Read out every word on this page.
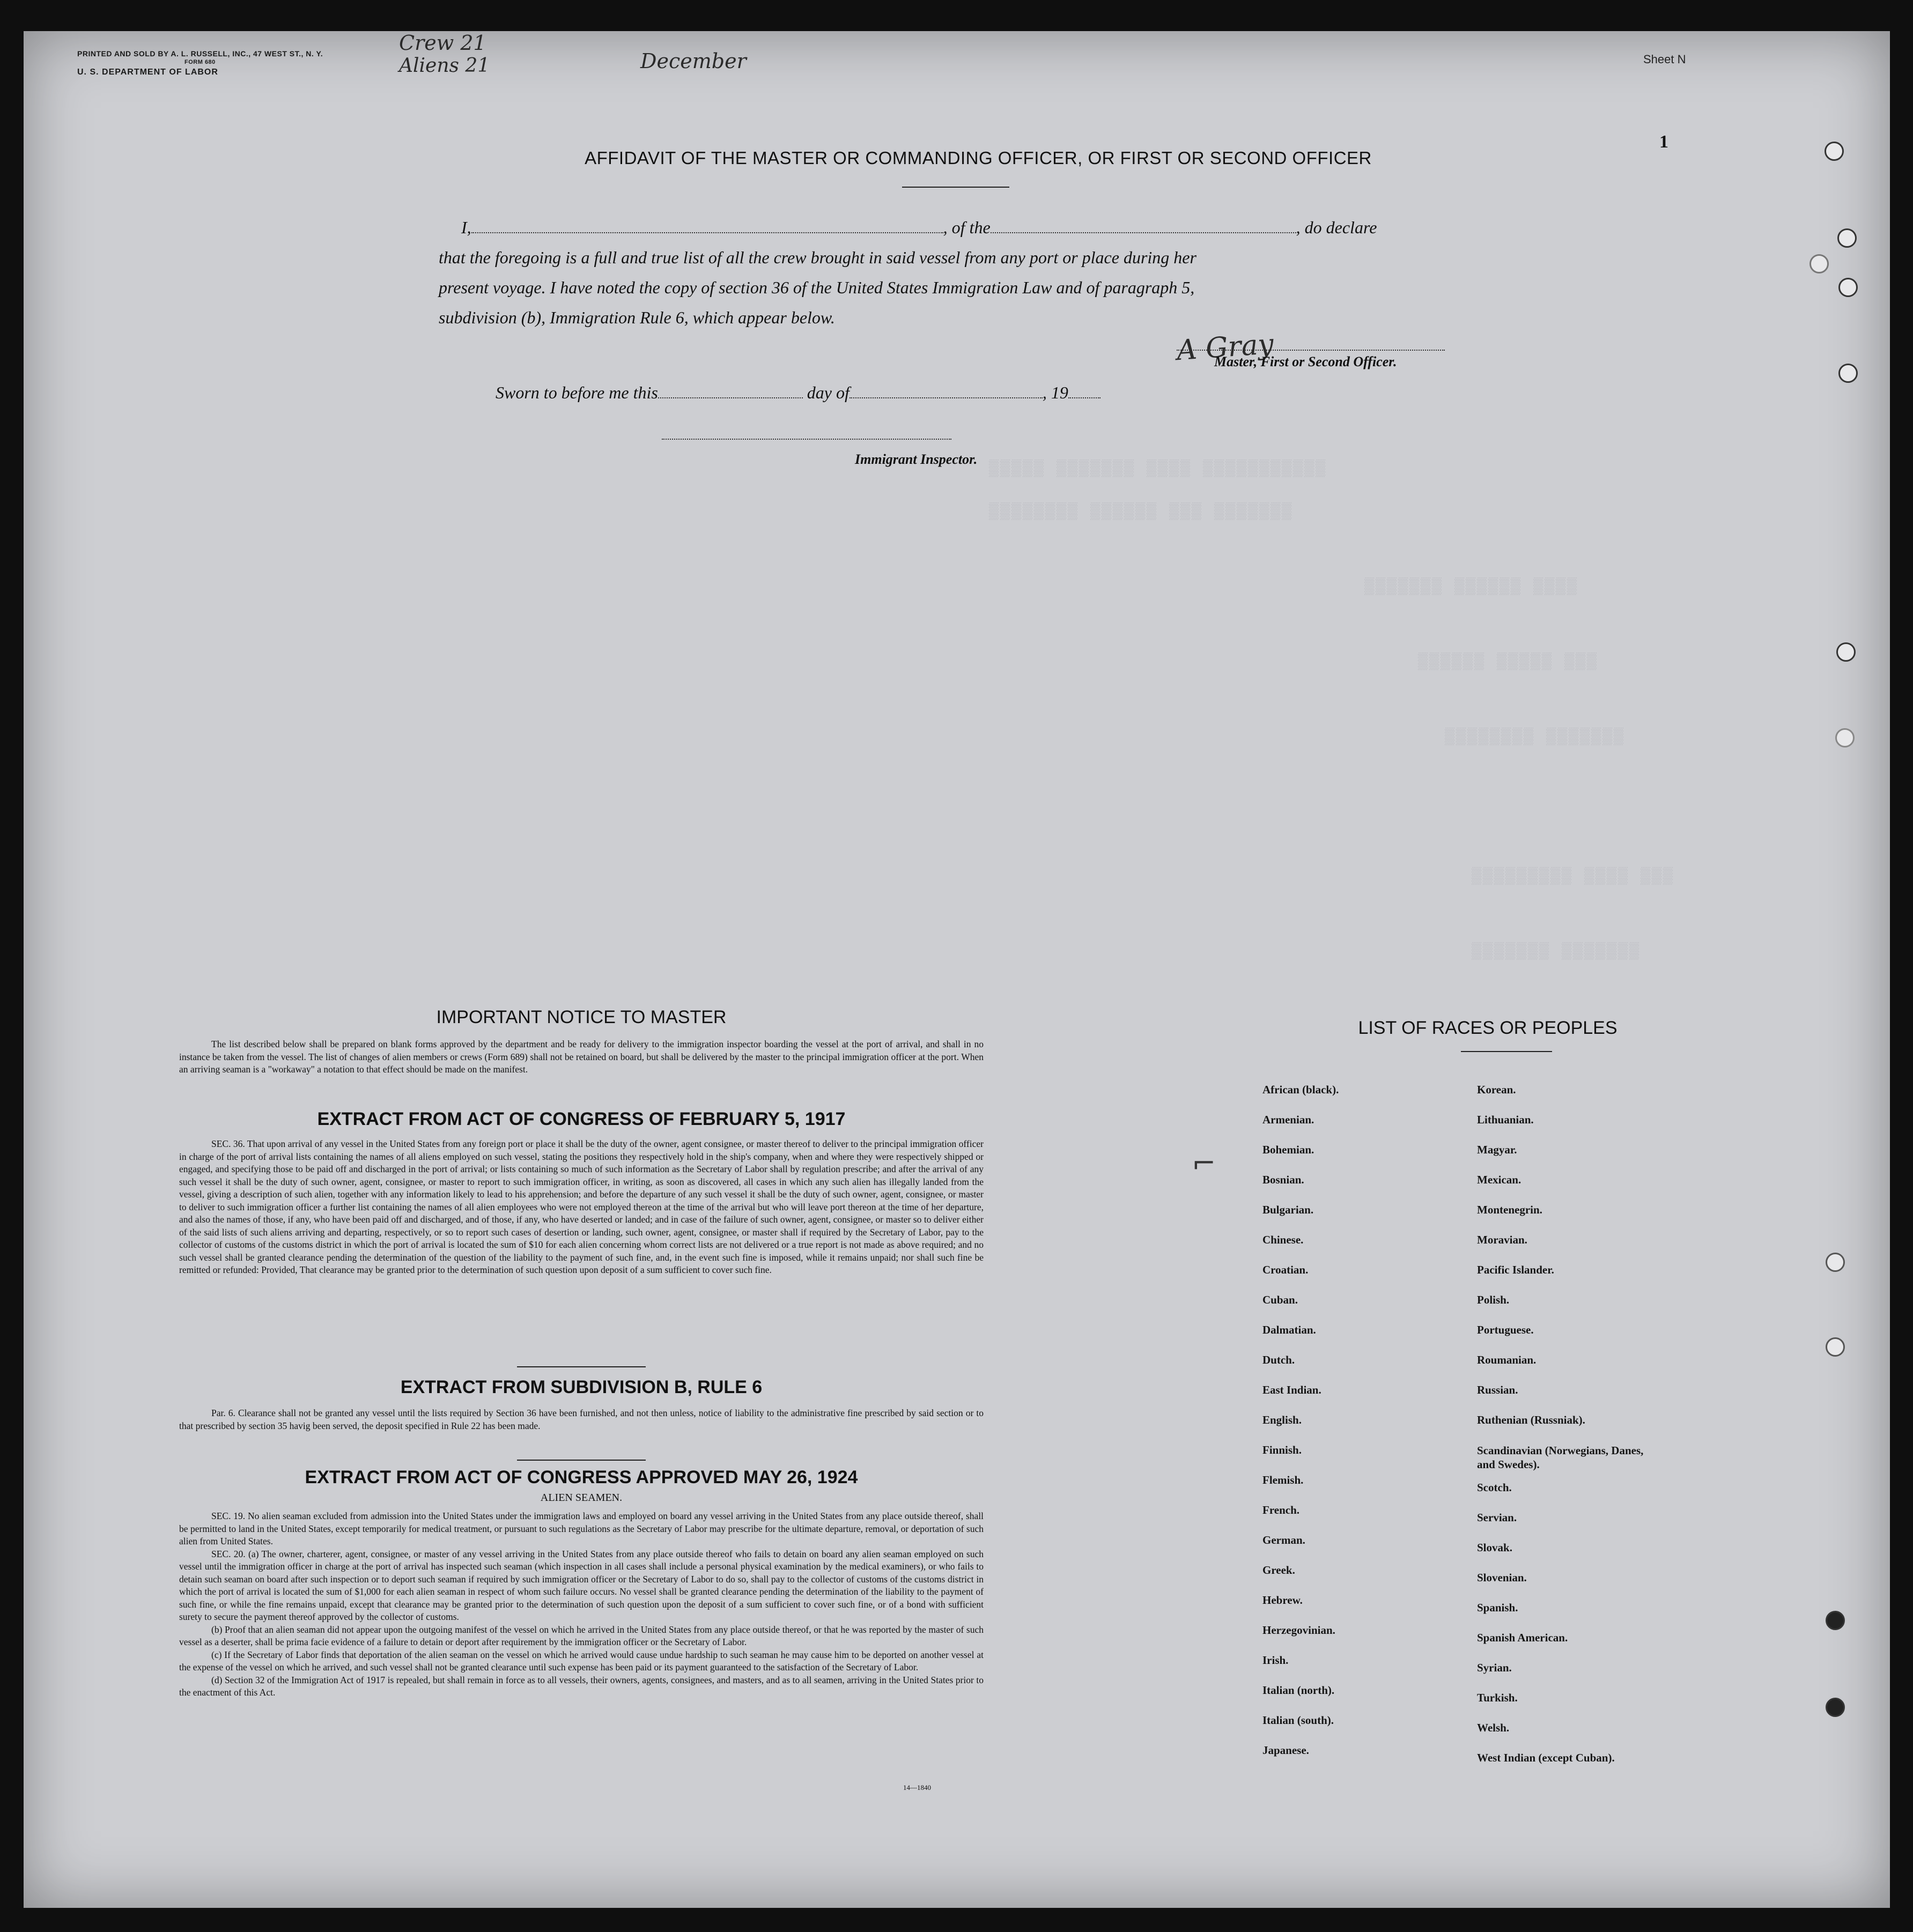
PRINTED AND SOLD BY A. L. RUSSELL, INC., 47 WEST ST., N. Y.
FORM 680
U. S. DEPARTMENT OF LABOR
Crew 21
Aliens 21	December	Sheet N
1
▒▒▒▒▒ ▒▒▒▒▒▒▒ ▒▒▒▒ ▒▒▒▒▒▒▒▒▒▒▒
▒▒▒▒▒▒▒▒ ▒▒▒▒▒▒ ▒▒▒ ▒▒▒▒▒▒▒
▒▒▒▒▒▒▒ ▒▒▒▒▒▒ ▒▒▒▒
▒▒▒▒▒▒ ▒▒▒▒▒ ▒▒▒
▒▒▒▒▒▒▒▒ ▒▒▒▒▒▒▒
▒▒▒▒▒▒▒▒▒ ▒▒▒▒ ▒▒▒
▒▒▒▒▒▒▒ ▒▒▒▒▒▒▒
AFFIDAVIT OF THE MASTER OR COMMANDING OFFICER, OR FIRST OR SECOND OFFICER
I,	, of the	, do declare
that the foregoing is a full and true list of all the crew brought in said vessel from any port or place during her
present voyage. I have noted the copy of section 36 of the United States Immigration Law and of paragraph 5,
subdivision (b), Immigration Rule 6, which appear below.
A Gray
Master, First or Second Officer.
Sworn to before me this	day of	, 19
Immigrant Inspector.
IMPORTANT NOTICE TO MASTER
The list described below shall be prepared on blank forms approved by the department and be ready for delivery to the immigration inspector boarding the vessel at the port of arrival, and shall in no instance be taken from the vessel. The list of changes of alien members or crews (Form 689) shall not be retained on board, but shall be delivered by the master to the principal immigration officer at the port. When an arriving seaman is a "workaway" a notation to that effect should be made on the manifest.
EXTRACT FROM ACT OF CONGRESS OF FEBRUARY 5, 1917
SEC. 36. That upon arrival of any vessel in the United States from any foreign port or place it shall be the duty of the owner, agent consignee, or master thereof to deliver to the principal immigration officer in charge of the port of arrival lists containing the names of all aliens employed on such vessel, stating the positions they respectively hold in the ship's company, when and where they were respectively shipped or engaged, and specifying those to be paid off and discharged in the port of arrival; or lists containing so much of such information as the Secretary of Labor shall by regulation prescribe; and after the arrival of any such vessel it shall be the duty of such owner, agent, consignee, or master to report to such immigration officer, in writing, as soon as discovered, all cases in which any such alien has illegally landed from the vessel, giving a description of such alien, together with any information likely to lead to his apprehension; and before the departure of any such vessel it shall be the duty of such owner, agent, consignee, or master to deliver to such immigration officer a further list containing the names of all alien employees who were not employed thereon at the time of the arrival but who will leave port thereon at the time of her departure, and also the names of those, if any, who have been paid off and discharged, and of those, if any, who have deserted or landed; and in case of the failure of such owner, agent, consignee, or master so to deliver either of the said lists of such aliens arriving and departing, respectively, or so to report such cases of desertion or landing, such owner, agent, consignee, or master shall if required by the Secretary of Labor, pay to the collector of customs of the customs district in which the port of arrival is located the sum of $10 for each alien concerning whom correct lists are not delivered or a true report is not made as above required; and no such vessel shall be granted clearance pending the determination of the question of the liability to the payment of such fine, and, in the event such fine is imposed, while it remains unpaid; nor shall such fine be remitted or refunded: Provided, That clearance may be granted prior to the determination of such question upon deposit of a sum sufficient to cover such fine.
EXTRACT FROM SUBDIVISION B, RULE 6
Par. 6. Clearance shall not be granted any vessel until the lists required by Section 36 have been furnished, and not then unless, notice of liability to the administrative fine prescribed by said section or to that prescribed by section 35 havig been served, the deposit specified in Rule 22 has been made.
EXTRACT FROM ACT OF CONGRESS APPROVED MAY 26, 1924
ALIEN SEAMEN.
SEC. 19. No alien seaman excluded from admission into the United States under the immigration laws and employed on board any vessel arriving in the United States from any place outside thereof, shall be permitted to land in the United States, except temporarily for medical treatment, or pursuant to such regulations as the Secretary of Labor may prescribe for the ultimate departure, removal, or deportation of such alien from United States.
SEC. 20. (a) The owner, charterer, agent, consignee, or master of any vessel arriving in the United States from any place outside thereof who fails to detain on board any alien seaman employed on such vessel until the immigration officer in charge at the port of arrival has inspected such seaman (which inspection in all cases shall include a personal physical examination by the medical examiners), or who fails to detain such seaman on board after such inspection or to deport such seaman if required by such immigration officer or the Secretary of Labor to do so, shall pay to the collector of customs of the customs district in which the port of arrival is located the sum of $1,000 for each alien seaman in respect of whom such failure occurs. No vessel shall be granted clearance pending the determination of the liability to the payment of such fine, or while the fine remains unpaid, except that clearance may be granted prior to the determination of such question upon the deposit of a sum sufficient to cover such fine, or of a bond with sufficient surety to secure the payment thereof approved by the collector of customs.
(b) Proof that an alien seaman did not appear upon the outgoing manifest of the vessel on which he arrived in the United States from any place outside thereof, or that he was reported by the master of such vessel as a deserter, shall be prima facie evidence of a failure to detain or deport after requirement by the immigration officer or the Secretary of Labor.
(c) If the Secretary of Labor finds that deportation of the alien seaman on the vessel on which he arrived would cause undue hardship to such seaman he may cause him to be deported on another vessel at the expense of the vessel on which he arrived, and such vessel shall not be granted clearance until such expense has been paid or its payment guaranteed to the satisfaction of the Secretary of Labor.
(d) Section 32 of the Immigration Act of 1917 is repealed, but shall remain in force as to all vessels, their owners, agents, consignees, and masters, and as to all seamen, arriving in the United States prior to the enactment of this Act.
14—1840
LIST OF RACES OR PEOPLES
African (black).
Armenian.
Bohemian.
Bosnian.
Bulgarian.
Chinese.
Croatian.
Cuban.
Dalmatian.
Dutch.
East Indian.
English.
Finnish.
Flemish.
French.
German.
Greek.
Hebrew.
Herzegovinian.
Irish.
Italian (north).
Italian (south).
Japanese.
Korean.
Lithuanian.
Magyar.
Mexican.
Montenegrin.
Moravian.
Pacific Islander.
Polish.
Portuguese.
Roumanian.
Russian.
Ruthenian (Russniak).
Scandinavian (Norwegians, Danes, and Swedes).
Scotch.
Servian.
Slovak.
Slovenian.
Spanish.
Spanish American.
Syrian.
Turkish.
Welsh.
West Indian (except Cuban).
⌐
